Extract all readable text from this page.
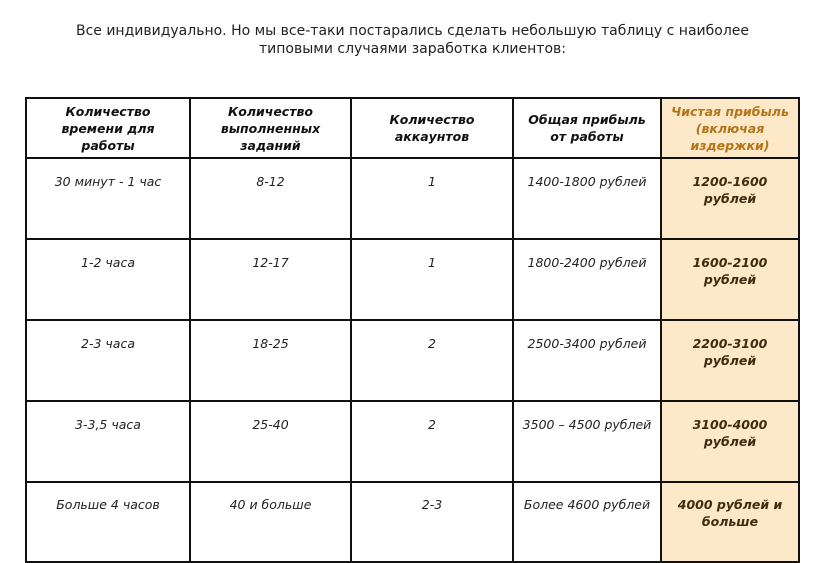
Все индивидуально. Но мы все-таки постарались сделать небольшую таблицу с наиболее
типовыми случаями заработка клиентов:
Количество времени для работы	Количество выполненных заданий	Количество аккаунтов	Общая прибыль от работы	Чистая прибыль (включая издержки)
30 минут - 1 час	8-12	1	1400-1800 рублей	1200-1600 рублей
1-2 часа	12-17	1	1800-2400 рублей	1600-2100 рублей
2-3 часа	18-25	2	2500-3400 рублей	2200-3100 рублей
3-3,5 часа	25-40	2	3500 – 4500 рублей	3100-4000 рублей
Больше 4 часов	40 и больше	2-3	Более 4600 рублей	4000 рублей и больше
